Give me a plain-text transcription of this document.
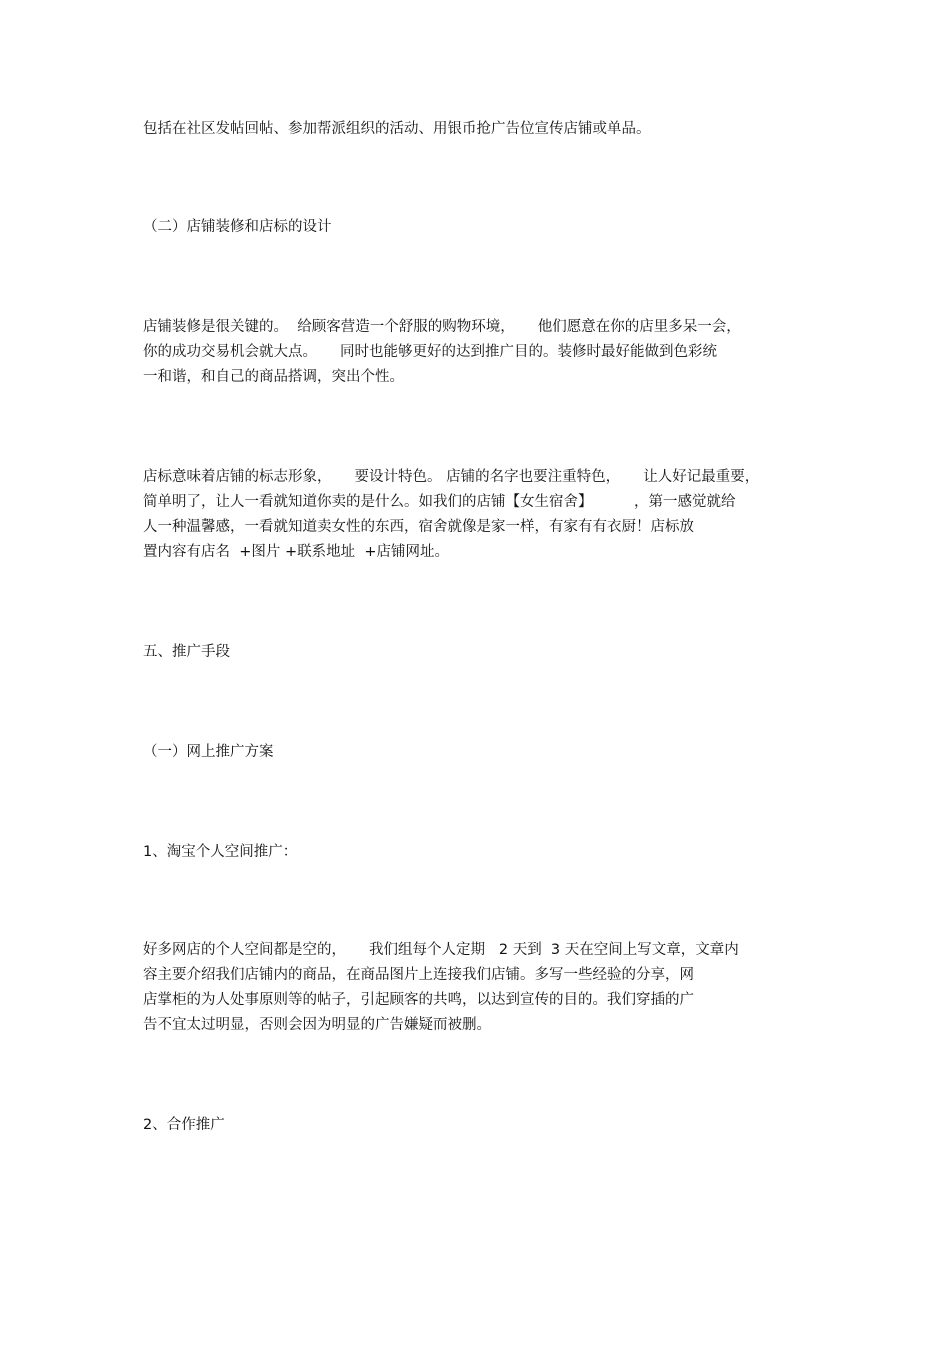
包括在社区发帖回帖、参加帮派组织的活动、用银币抢广告位宣传店铺或单品。
（二）店铺装修和店标的设计
店铺装修是很关键的。  给顾客营造一个舒服的购物环境，     他们愿意在你的店里多呆一会，
你的成功交易机会就大点。     同时也能够更好的达到推广目的。装修时最好能做到色彩统
一和谐，和自己的商品搭调，突出个性。
店标意味着店铺的标志形象，     要设计特色。 店铺的名字也要注重特色，     让人好记最重要，
简单明了，让人一看就知道你卖的是什么。如我们的店铺【女生宿舍】         ，第一感觉就给
人一种温馨感，一看就知道卖女性的东西，宿舍就像是家一样，有家有有衣厨！店标放
置内容有店名  +图片 +联系地址  +店铺网址。
五、推广手段
（一）网上推广方案
1、淘宝个人空间推广：
好多网店的个人空间都是空的，     我们组每个人定期   2 天到  3 天在空间上写文章，文章内
容主要介绍我们店铺内的商品，在商品图片上连接我们店铺。多写一些经验的分享，网
店掌柜的为人处事原则等的帖子，引起顾客的共鸣，以达到宣传的目的。我们穿插的广
告不宜太过明显，否则会因为明显的广告嫌疑而被删。
2、合作推广
